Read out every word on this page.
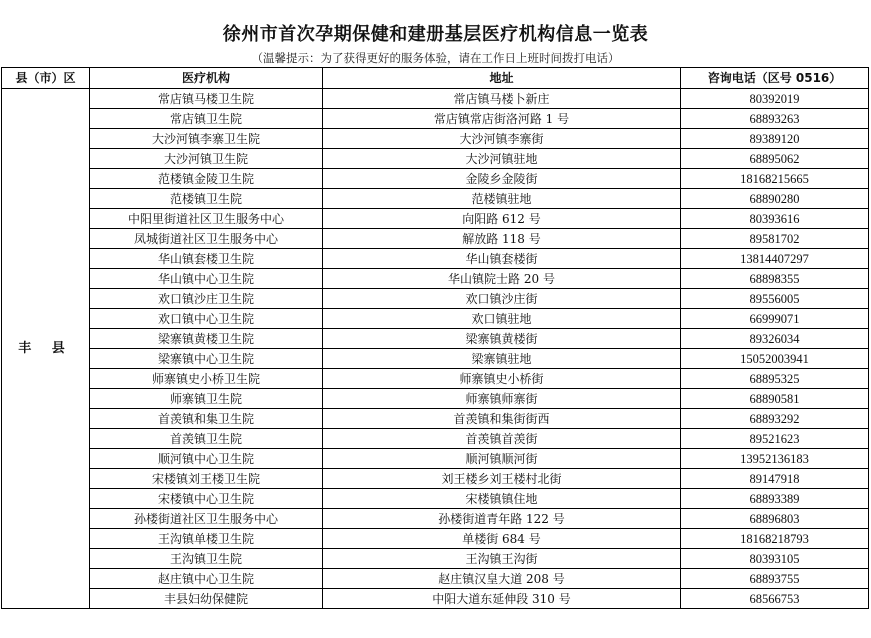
徐州市首次孕期保健和建册基层医疗机构信息一览表
（温馨提示：为了获得更好的服务体验，请在工作日上班时间拨打电话）
县（市）区	医疗机构	地址	咨询电话（区号 0516）
丰 县	常店镇马楼卫生院	常店镇马楼卜新庄	80392019
	常店镇卫生院	常店镇常店街洛河路 1 号	68893263
	大沙河镇李寨卫生院	大沙河镇李寨街	89389120
	大沙河镇卫生院	大沙河镇驻地	68895062
	范楼镇金陵卫生院	金陵乡金陵街	18168215665
	范楼镇卫生院	范楼镇驻地	68890280
	中阳里街道社区卫生服务中心	向阳路 612 号	80393616
	凤城街道社区卫生服务中心	解放路 118 号	89581702
	华山镇套楼卫生院	华山镇套楼街	13814407297
	华山镇中心卫生院	华山镇院士路 20 号	68898355
	欢口镇沙庄卫生院	欢口镇沙庄街	89556005
	欢口镇中心卫生院	欢口镇驻地	66999071
	梁寨镇黄楼卫生院	梁寨镇黄楼街	89326034
	梁寨镇中心卫生院	梁寨镇驻地	15052003941
	师寨镇史小桥卫生院	师寨镇史小桥街	68895325
	师寨镇卫生院	师寨镇师寨街	68890581
	首羡镇和集卫生院	首羡镇和集街街西	68893292
	首羡镇卫生院	首羡镇首羡街	89521623
	顺河镇中心卫生院	顺河镇顺河街	13952136183
	宋楼镇刘王楼卫生院	刘王楼乡刘王楼村北街	89147918
	宋楼镇中心卫生院	宋楼镇镇住地	68893389
	孙楼街道社区卫生服务中心	孙楼街道青年路 122 号	68896803
	王沟镇单楼卫生院	单楼街 684 号	18168218793
	王沟镇卫生院	王沟镇王沟街	80393105
	赵庄镇中心卫生院	赵庄镇汉皇大道 208 号	68893755
	丰县妇幼保健院	中阳大道东延伸段 310 号	68566753
